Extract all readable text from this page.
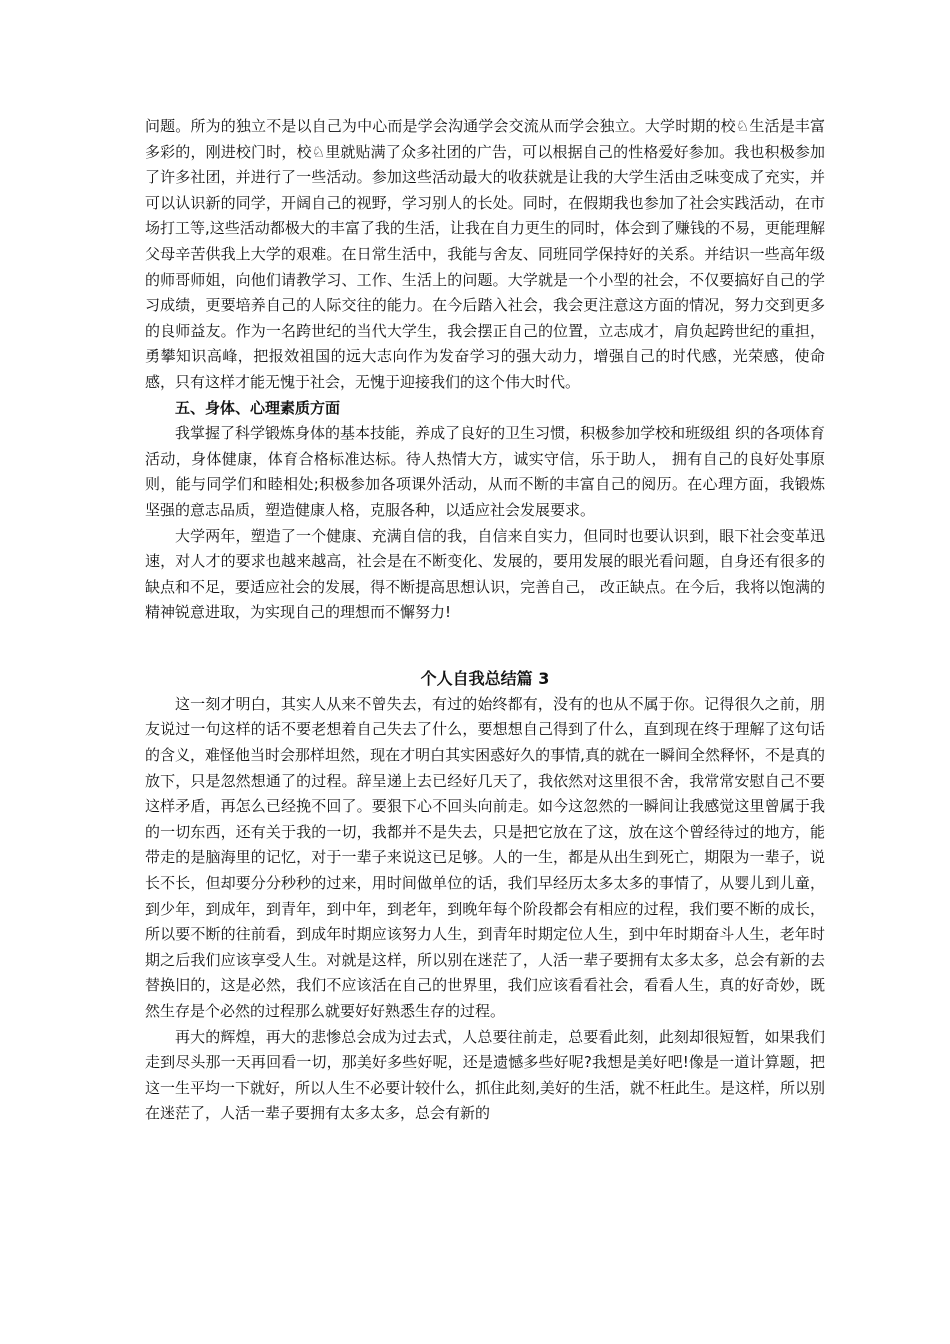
问题。所为的独立不是以自己为中心而是学会沟通学会交流从而学会独立。大学时期的校♘生活是丰富多彩的，刚进校门时，校♘里就贴满了众多社团的广告，可以根据自己的性格爱好参加。我也积极参加了许多社团，并进行了一些活动。参加这些活动最大的收获就是让我的大学生活由乏味变成了充实，并可以认识新的同学，开阔自己的视野，学习别人的长处。同时，在假期我也参加了社会实践活动，在市场打工等,这些活动都极大的丰富了我的生活，让我在自力更生的同时，体会到了赚钱的不易，更能理解父母辛苦供我上大学的艰难。在日常生活中，我能与舍友、同班同学保持好的关系。并结识一些高年级的师哥师姐，向他们请教学习、工作、生活上的问题。大学就是一个小型的社会，不仅要搞好自己的学习成绩，更要培养自己的人际交往的能力。在今后踏入社会，我会更注意这方面的情况，努力交到更多的良师益友。作为一名跨世纪的当代大学生，我会摆正自己的位置，立志成才，肩负起跨世纪的重担，勇攀知识高峰，把报效祖国的远大志向作为发奋学习的强大动力，增强自己的时代感，光荣感，使命感，只有这样才能无愧于社会，无愧于迎接我们的这个伟大时代。

五、身体、心理素质方面

我掌握了科学锻炼身体的基本技能，养成了良好的卫生习惯，积极参加学校和班级组 织的各项体育活动，身体健康，体育合格标准达标。待人热情大方，诚实守信，乐于助人， 拥有自己的良好处事原则，能与同学们和睦相处;积极参加各项课外活动，从而不断的丰富自己的阅历。在心理方面，我锻炼坚强的意志品质，塑造健康人格，克服各种，以适应社会发展要求。

大学两年，塑造了一个健康、充满自信的我，自信来自实力，但同时也要认识到，眼下社会变革迅速，对人才的要求也越来越高，社会是在不断变化、发展的，要用发展的眼光看问题，自身还有很多的缺点和不足，要适应社会的发展，得不断提高思想认识，完善自己， 改正缺点。在今后，我将以饱满的精神锐意进取，为实现自己的理想而不懈努力!

个人自我总结篇 3

这一刻才明白，其实人从来不曾失去，有过的始终都有，没有的也从不属于你。记得很久之前，朋友说过一句这样的话不要老想着自己失去了什么，要想想自己得到了什么，直到现在终于理解了这句话的含义，难怪他当时会那样坦然，现在才明白其实困惑好久的事情,真的就在一瞬间全然释怀，不是真的放下，只是忽然想通了的过程。辞呈递上去已经好几天了，我依然对这里很不舍，我常常安慰自己不要这样矛盾，再怎么已经挽不回了。要狠下心不回头向前走。如今这忽然的一瞬间让我感觉这里曾属于我的一切东西，还有关于我的一切，我都并不是失去，只是把它放在了这，放在这个曾经待过的地方，能带走的是脑海里的记忆，对于一辈子来说这已足够。人的一生，都是从出生到死亡，期限为一辈子，说长不长，但却要分分秒秒的过来，用时间做单位的话，我们早经历太多太多的事情了，从婴儿到儿童， 到少年，到成年，到青年，到中年，到老年，到晚年每个阶段都会有相应的过程，我们要不断的成长，所以要不断的往前看，到成年时期应该努力人生，到青年时期定位人生，到中年时期奋斗人生，老年时期之后我们应该享受人生。对就是这样，所以别在迷茫了，人活一辈子要拥有太多太多，总会有新的去替换旧的，这是必然，我们不应该活在自己的世界里，我们应该看看社会，看看人生，真的好奇妙，既然生存是个必然的过程那么就要好好熟悉生存的过程。

再大的辉煌，再大的悲惨总会成为过去式，人总要往前走，总要看此刻，此刻却很短暂，如果我们走到尽头那一天再回看一切，那美好多些好呢，还是遗憾多些好呢?我想是美好吧!像是一道计算题，把这一生平均一下就好，所以人生不必要计较什么，抓住此刻,美好的生活，就不枉此生。是这样，所以别在迷茫了，人活一辈子要拥有太多太多，总会有新的
